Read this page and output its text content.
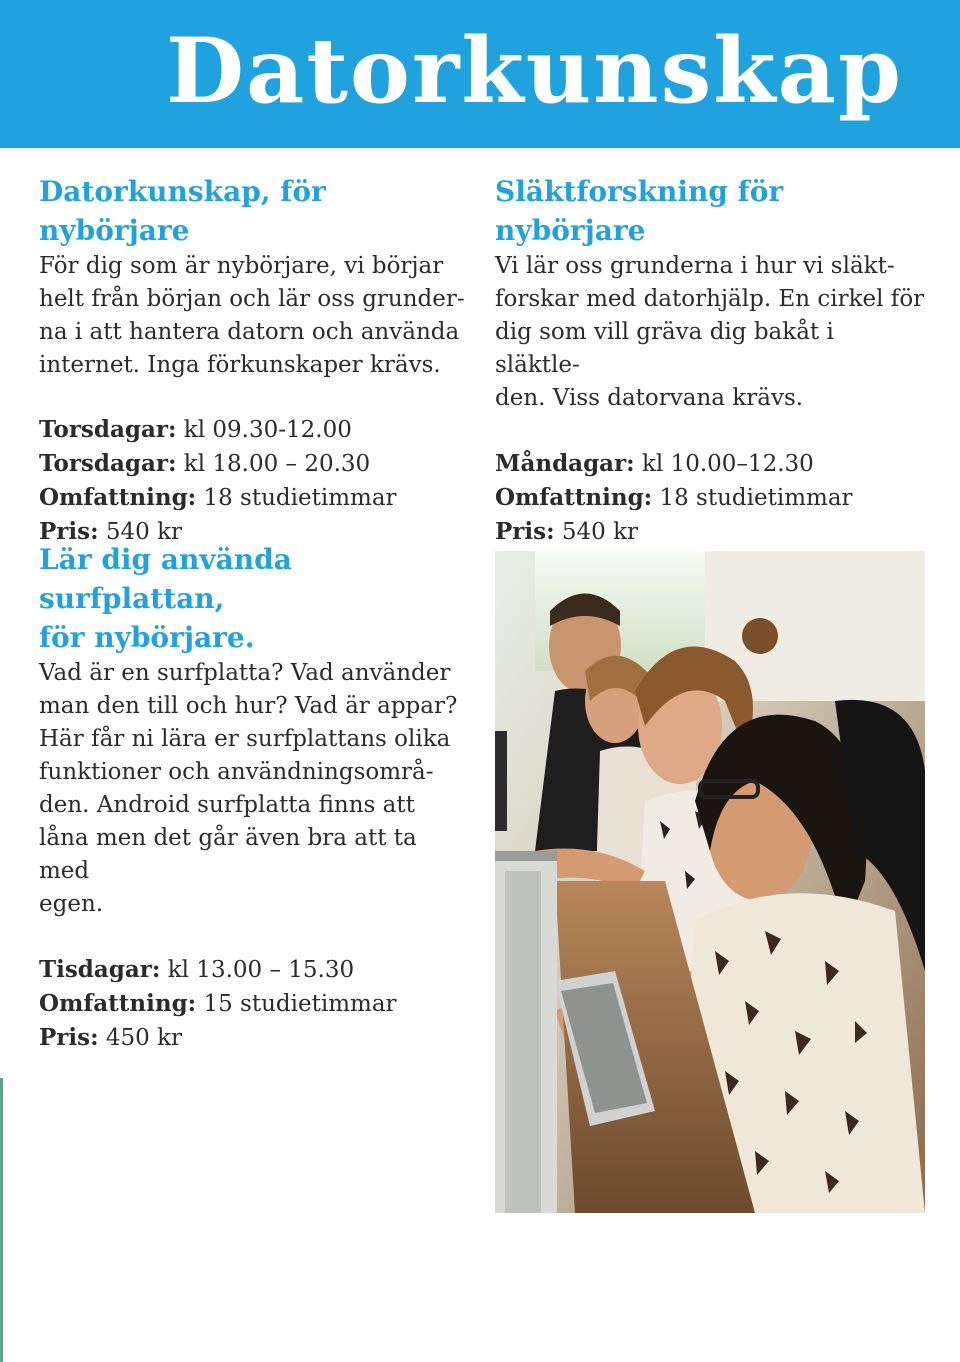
Datorkunskap
Datorkunskap, för nybörjare
För dig som är nybörjare, vi börjar
helt från början och lär oss grunder-
na i att hantera datorn och använda
internet. Inga förkunskaper krävs.
Torsdagar: kl 09.30-12.00
Torsdagar: kl 18.00 – 20.30
Omfattning: 18 studietimmar
Pris: 540 kr
Lär dig använda surfplattan,
för nybörjare.
Vad är en surfplatta? Vad använder
man den till och hur? Vad är appar?
Här får ni lära er surfplattans olika
funktioner och användningsområ-
den. Android surfplatta finns att
låna men det går även bra att ta med
egen.
Tisdagar: kl 13.00 – 15.30
Omfattning: 15 studietimmar
Pris: 450 kr
Släktforskning för
nybörjare
Vi lär oss grunderna i hur vi släkt-
forskar med datorhjälp. En cirkel för
dig som vill gräva dig bakåt i släktle-
den. Viss datorvana krävs.
Måndagar: kl 10.00–12.30
Omfattning: 18 studietimmar
Pris: 540 kr
